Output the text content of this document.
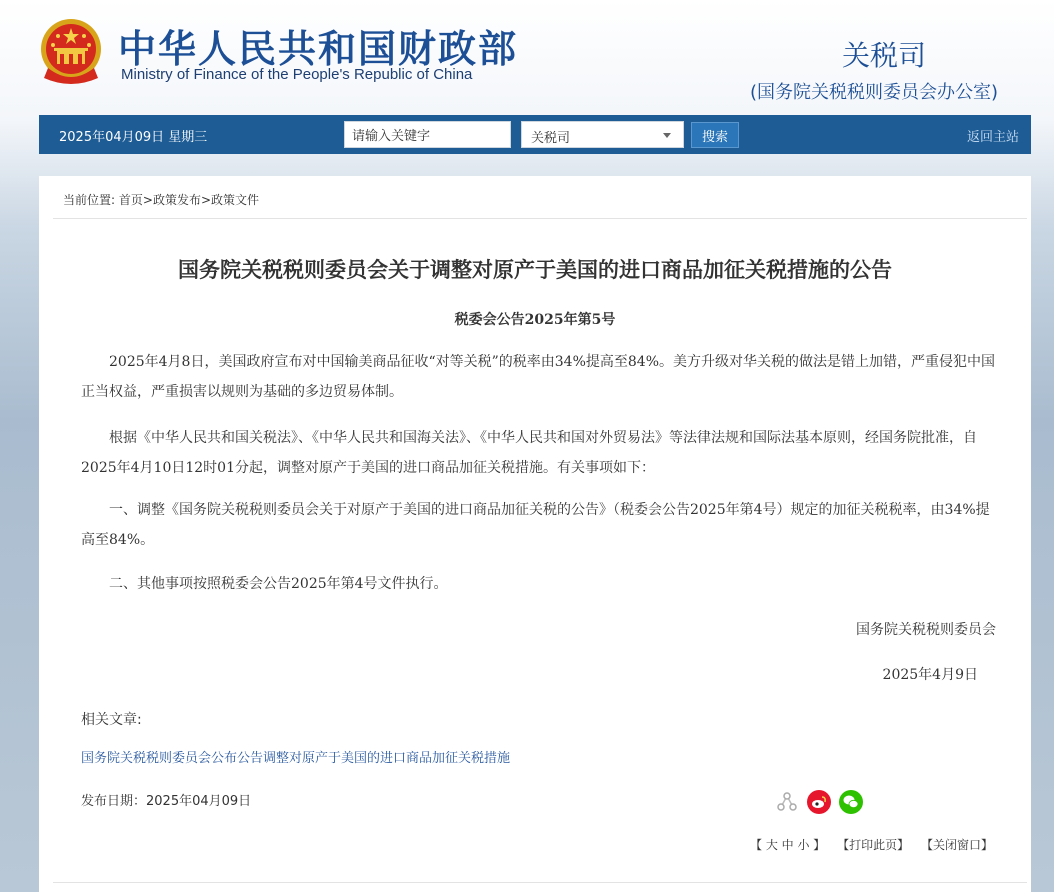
中华人民共和国财政部
Ministry of Finance of the People's Republic of China
关税司
(国务院关税税则委员会办公室)
2025年04月09日 星期三
请输入关键字	关税司	搜索	返回主站
当前位置: 首页>政策发布>政策文件
国务院关税税则委员会关于调整对原产于美国的进口商品加征关税措施的公告
税委会公告2025年第5号

2025年4月8日，美国政府宣布对中国输美商品征收“对等关税”的税率由34%提高至84%。美方升级对华关税的做法是错上加错，严重侵犯中国正当权益，严重损害以规则为基础的多边贸易体制。

根据《中华人民共和国关税法》、《中华人民共和国海关法》、《中华人民共和国对外贸易法》等法律法规和国际法基本原则，经国务院批准，自2025年4月10日12时01分起，调整对原产于美国的进口商品加征关税措施。有关事项如下：

一、调整《国务院关税税则委员会关于对原产于美国的进口商品加征关税的公告》（税委会公告2025年第4号）规定的加征关税税率，由34%提高至84%。

二、其他事项按照税委会公告2025年第4号文件执行。

国务院关税税则委员会
2025年4月9日
相关文章:
国务院关税税则委员会公布公告调整对原产于美国的进口商品加征关税措施
发布日期：2025年04月09日
【 大 中 小 】 【打印此页】 【关闭窗口】
